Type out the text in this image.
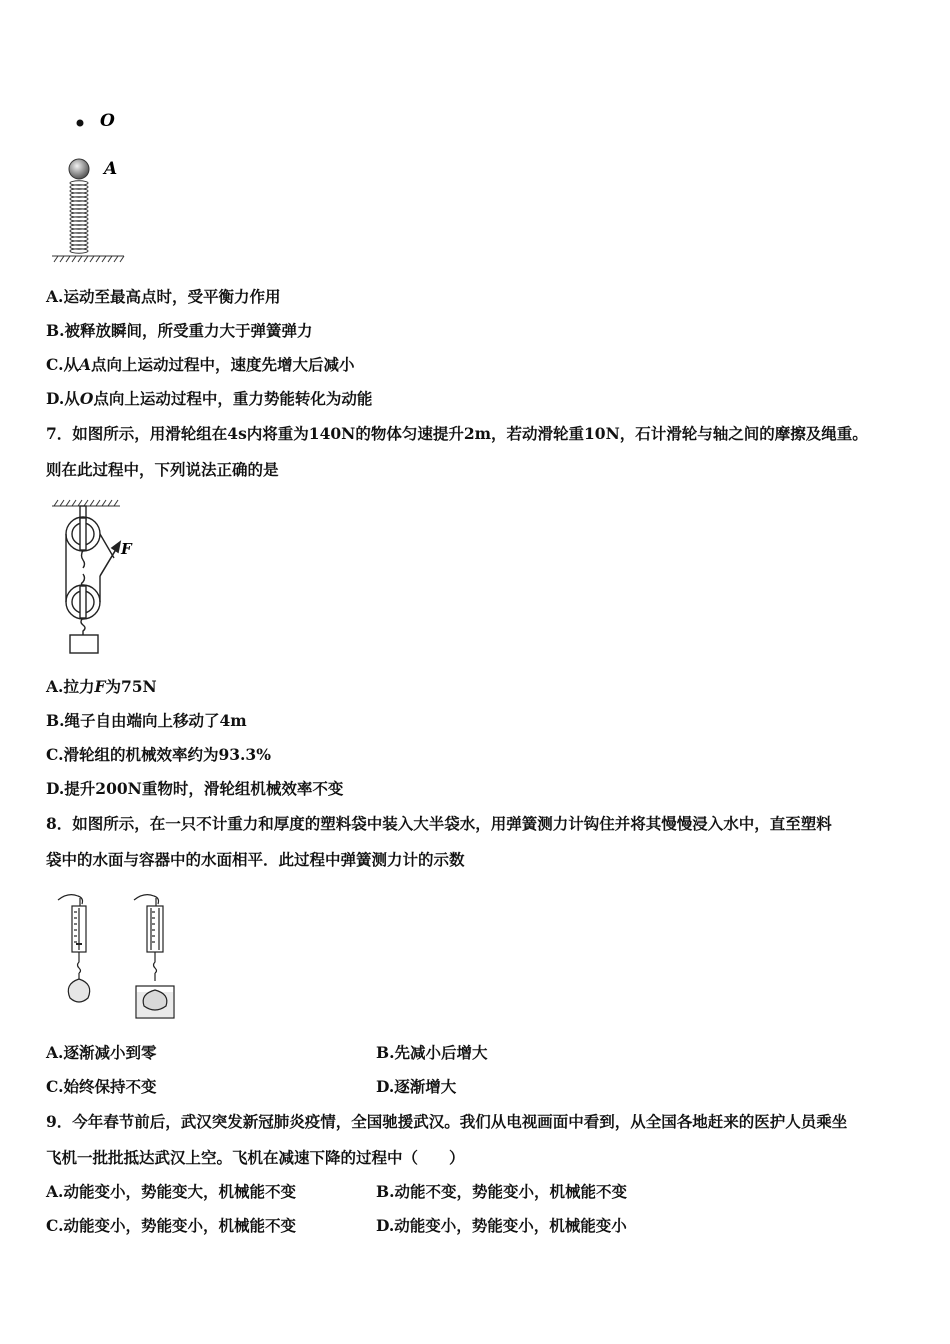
O
A
A.运动至最高点时，受平衡力作用
B.被释放瞬间，所受重力大于弹簧弹力
C.从A点向上运动过程中，速度先增大后减小
D.从O点向上运动过程中，重力势能转化为动能
7．如图所示，用滑轮组在4s内将重为140N的物体匀速提升2m，若动滑轮重10N，石计滑轮与轴之间的摩擦及绳重。
则在此过程中，下列说法正确的是
F
A.拉力F为75N
B.绳子自由端向上移动了4m
C.滑轮组的机械效率约为93.3%
D.提升200N重物时，滑轮组机械效率不变
8．如图所示，在一只不计重力和厚度的塑料袋中装入大半袋水，用弹簧测力计钩住并将其慢慢浸入水中，直至塑料
袋中的水面与容器中的水面相平．此过程中弹簧测力计的示数
A.逐渐减小到零	B.先减小后增大
C.始终保持不变	D.逐渐增大
9．今年春节前后，武汉突发新冠肺炎疫情，全国驰援武汉。我们从电视画面中看到，从全国各地赶来的医护人员乘坐
飞机一批批抵达武汉上空。飞机在减速下降的过程中（　　）
A.动能变小，势能变大，机械能不变	B.动能不变，势能变小，机械能不变
C.动能变小，势能变小，机械能不变	D.动能变小，势能变小，机械能变小
